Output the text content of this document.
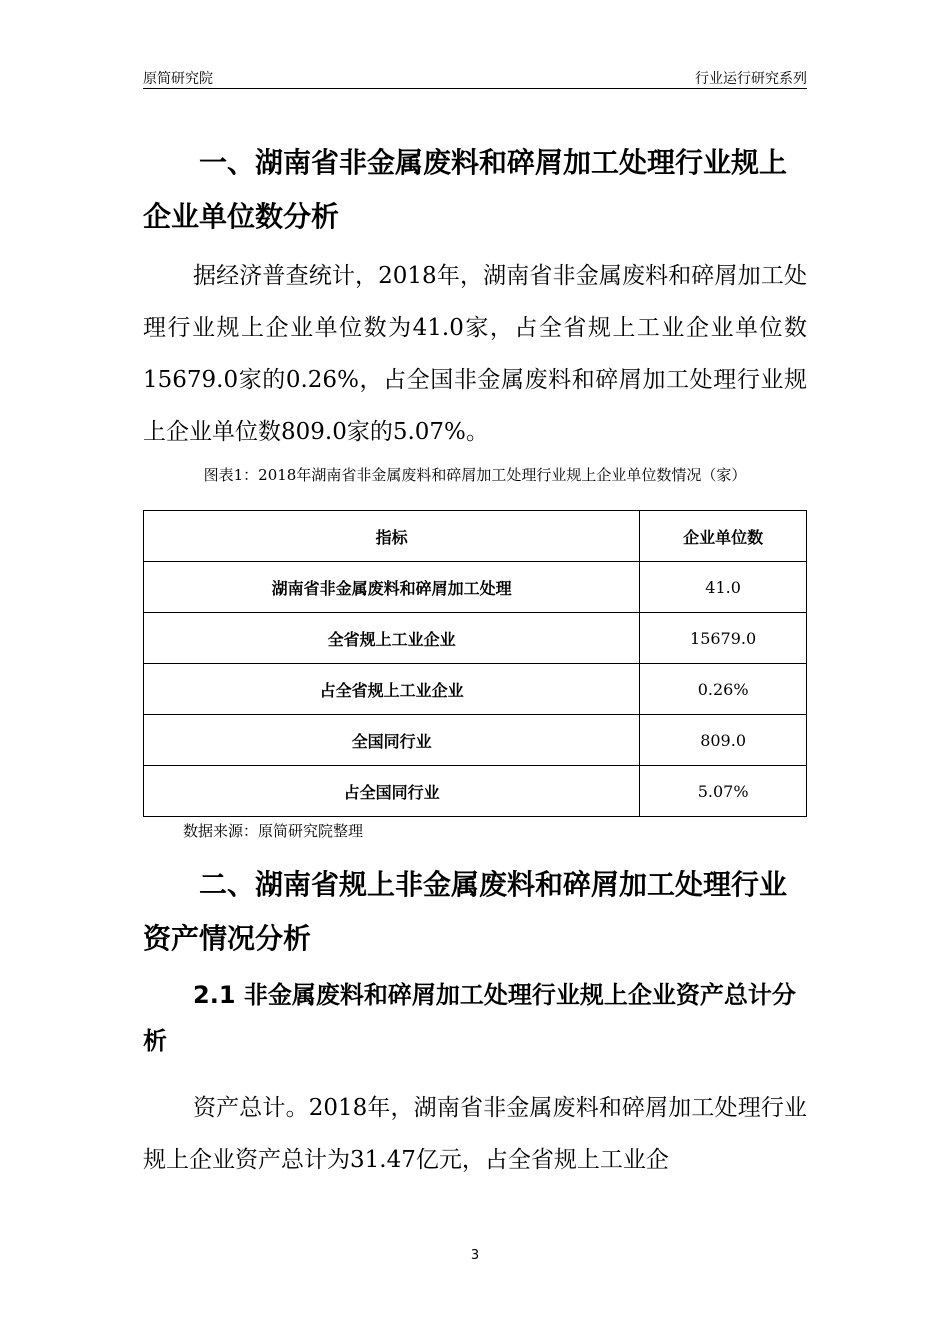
原简研究院	行业运行研究系列
一、湖南省非金属废料和碎屑加工处理行业规上企业单位数分析

据经济普查统计，2018年，湖南省非金属废料和碎屑加工处理行业规上企业单位数为41.0家，占全省规上工业企业单位数15679.0家的0.26%，占全国非金属废料和碎屑加工处理行业规上企业单位数809.0家的5.07%。

图表1：2018年湖南省非金属废料和碎屑加工处理行业规上企业单位数情况（家）
指标	企业单位数
湖南省非金属废料和碎屑加工处理	41.0
全省规上工业企业	15679.0
占全省规上工业企业	0.26%
全国同行业	809.0
占全国同行业	5.07%
数据来源：原简研究院整理
二、湖南省规上非金属废料和碎屑加工处理行业资产情况分析
2.1 非金属废料和碎屑加工处理行业规上企业资产总计分析

资产总计。2018年，湖南省非金属废料和碎屑加工处理行业规上企业资产总计为31.47亿元，占全省规上工业企

3
